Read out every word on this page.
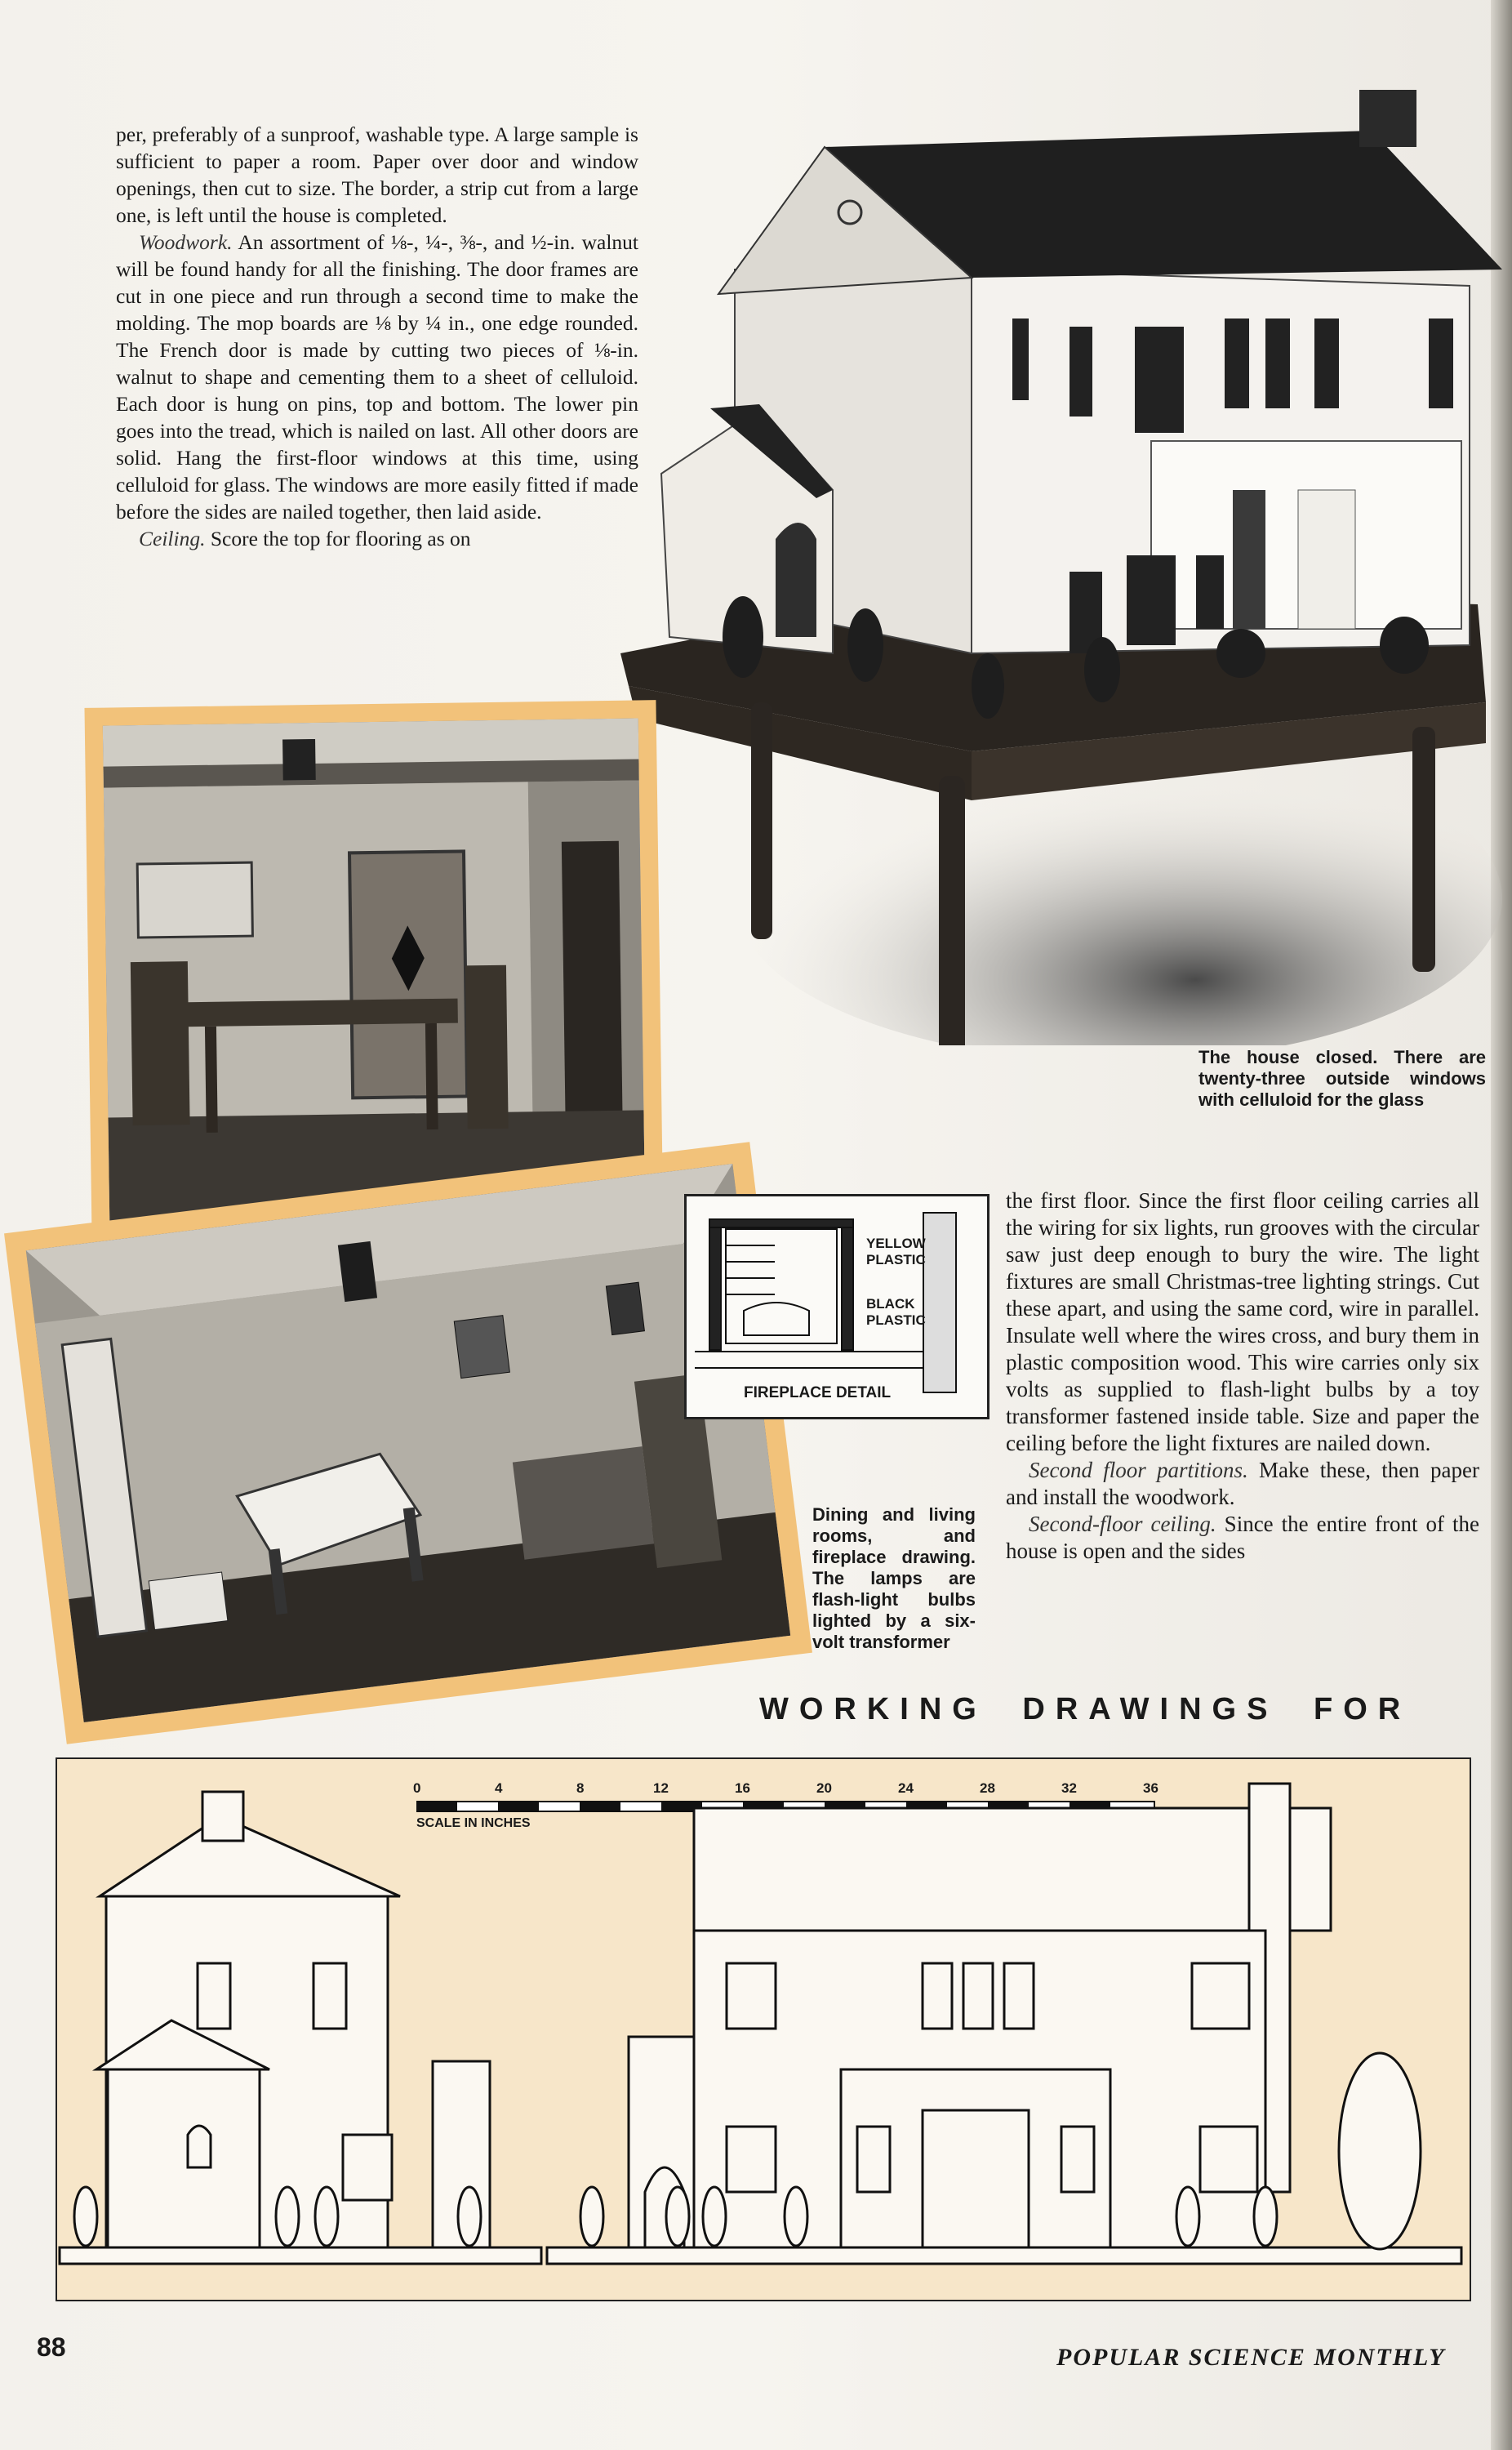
per, preferably of a sunproof, washable type. A large sample is sufficient to paper a room. Paper over door and window openings, then cut to size. The border, a strip cut from a large one, is left until the house is completed.

Woodwork. An assortment of ⅛-, ¼-, ⅜-, and ½-in. walnut will be found handy for all the finishing. The door frames are cut in one piece and run through a second time to make the molding. The mop boards are ⅛ by ¼ in., one edge rounded. The French door is made by cutting two pieces of ⅛-in. walnut to shape and cementing them to a sheet of celluloid. Each door is hung on pins, top and bottom. The lower pin goes into the tread, which is nailed on last. All other doors are solid. Hang the first-floor windows at this time, using celluloid for glass. The windows are more easily fitted if made before the sides are nailed together, then laid aside.

Ceiling. Score the top for flooring as on

The house closed. There are twenty-three outside windows with celluloid for the glass
YELLOW
PLASTIC
BLACK
PLASTIC
FIREPLACE DETAIL

the first floor. Since the first floor ceiling carries all the wiring for six lights, run grooves with the circular saw just deep enough to bury the wire. The light fixtures are small Christmas-tree lighting strings. Cut these apart, and using the same cord, wire in parallel. Insulate well where the wires cross, and bury them in plastic composition wood. This wire carries only six volts as supplied to flash-light bulbs by a toy transformer fastened inside table. Size and paper the ceiling before the light fixtures are nailed down.

Second floor partitions. Make these, then paper and install the woodwork.

Second-floor ceiling. Since the entire front of the house is open and the sides

Dining and living rooms, and fireplace drawing. The lamps are flash-light bulbs lighted by a six-volt transformer
WORKING DRAWINGS FOR
0	4	8	12	16	20	24	28	32	36
SCALE IN INCHES
88	POPULAR SCIENCE MONTHLY
